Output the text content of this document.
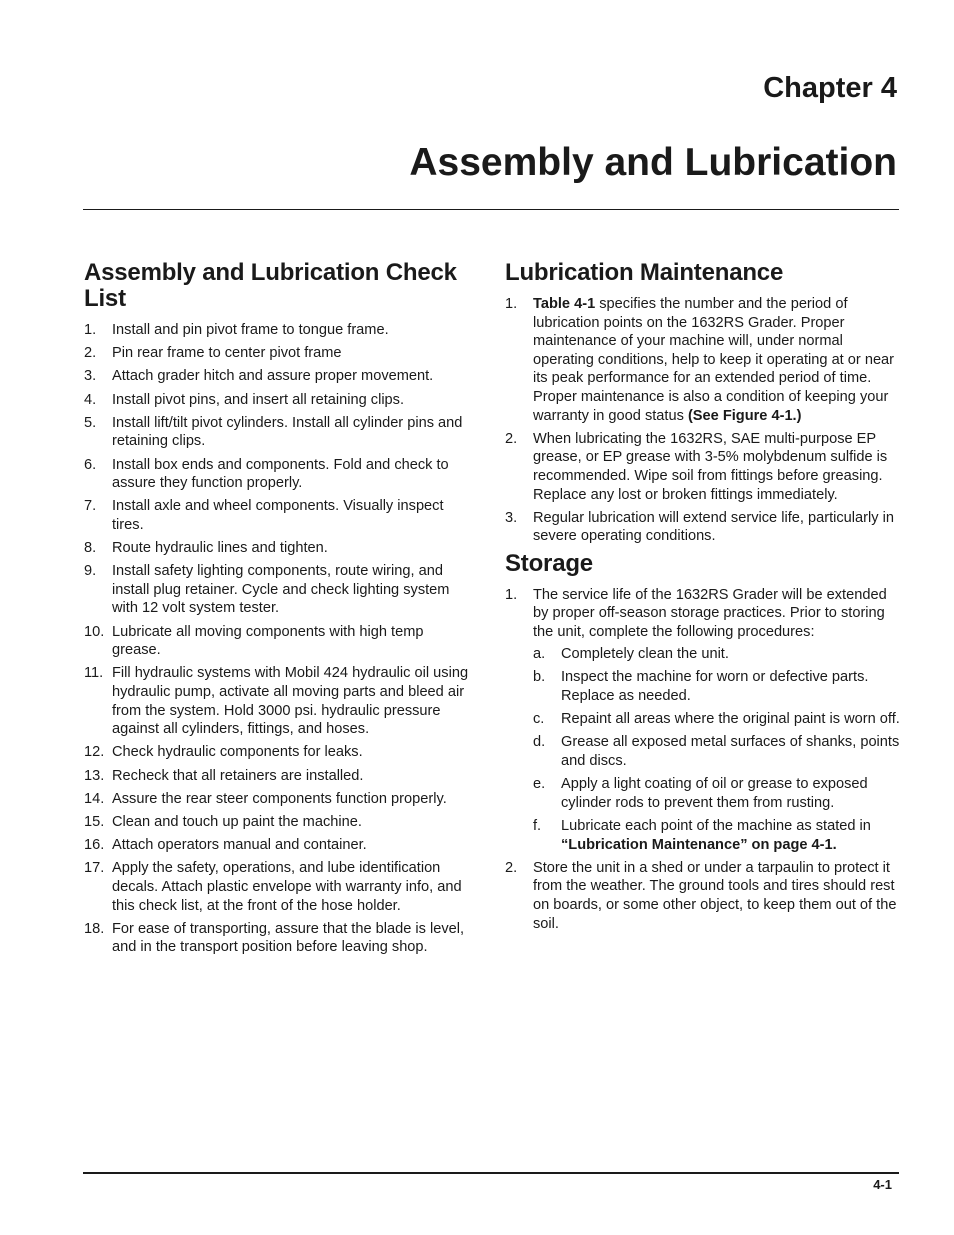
Chapter 4
Assembly and Lubrication
Assembly and Lubrication Check List
1. Install and pin pivot frame to tongue frame.
2. Pin rear frame to center pivot frame
3. Attach grader hitch and assure proper movement.
4. Install pivot pins, and insert all retaining clips.
5. Install lift/tilt pivot cylinders. Install all cylinder pins and retaining clips.
6. Install box ends and components. Fold and check to assure they function properly.
7. Install axle and wheel components. Visually inspect tires.
8. Route hydraulic lines and tighten.
9. Install safety lighting components, route wiring, and install plug retainer. Cycle and check lighting system with 12 volt system tester.
10. Lubricate all moving components with high temp grease.
11. Fill hydraulic systems with Mobil 424 hydraulic oil using hydraulic pump, activate all moving parts and bleed air from the system. Hold 3000 psi. hydraulic pressure against all cylinders, fittings, and hoses.
12. Check hydraulic components for leaks.
13. Recheck that all retainers are installed.
14. Assure the rear steer components function properly.
15. Clean and touch up paint the machine.
16. Attach operators manual and container.
17. Apply the safety, operations, and lube identification decals. Attach plastic envelope with warranty info, and this check list, at the front of the hose holder.
18. For ease of transporting, assure that the blade is level, and in the transport position before leaving shop.
Lubrication Maintenance
1. Table 4-1 specifies the number and the period of lubrication points on the 1632RS Grader. Proper maintenance of your machine will, under normal operating conditions, help to keep it operating at or near its peak performance for an extended period of time. Proper maintenance is also a condition of keeping your warranty in good status (See Figure 4-1.)
2. When lubricating the 1632RS, SAE multi-purpose EP grease, or EP grease with 3-5% molybdenum sulfide is recommended. Wipe soil from fittings before greasing. Replace any lost or broken fittings immediately.
3. Regular lubrication will extend service life, particularly in severe operating conditions.
Storage
1. The service life of the 1632RS Grader will be extended by proper off-season storage practices. Prior to storing the unit, complete the following procedures:
a. Completely clean the unit.
b. Inspect the machine for worn or defective parts. Replace as needed.
c. Repaint all areas where the original paint is worn off.
d. Grease all exposed metal surfaces of shanks, points and discs.
e. Apply a light coating of oil or grease to exposed cylinder rods to prevent them from rusting.
f. Lubricate each point of the machine as stated in “Lubrication Maintenance” on page 4-1.
2. Store the unit in a shed or under a tarpaulin to protect it from the weather. The ground tools and tires should rest on boards, or some other object, to keep them out of the soil.
4-1
